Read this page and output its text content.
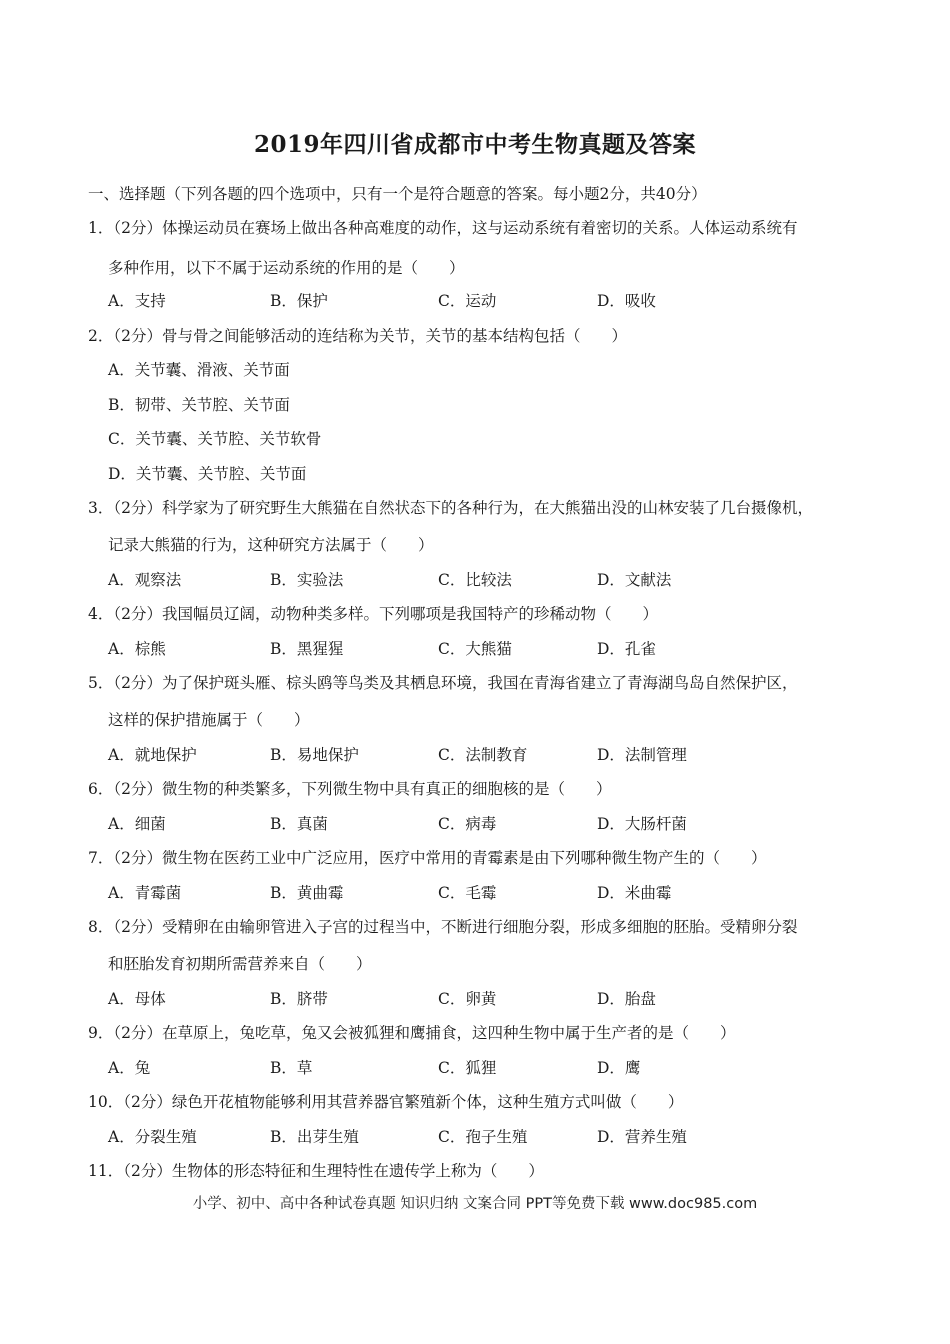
2019年四川省成都市中考生物真题及答案
一、选择题（下列各题的四个选项中，只有一个是符合题意的答案。每小题2分，共40分）
1．（2分）体操运动员在赛场上做出各种高难度的动作，这与运动系统有着密切的关系。人体运动系统有
多种作用，以下不属于运动系统的作用的是（　　）
A．支持	B．保护	C．运动	D．吸收
2．（2分）骨与骨之间能够活动的连结称为关节，关节的基本结构包括（　　）
A．关节囊、滑液、关节面
B．韧带、关节腔、关节面
C．关节囊、关节腔、关节软骨
D．关节囊、关节腔、关节面
3．（2分）科学家为了研究野生大熊猫在自然状态下的各种行为，在大熊猫出没的山林安装了几台摄像机，
记录大熊猫的行为，这种研究方法属于（　　）
A．观察法	B．实验法	C．比较法	D．文献法
4．（2分）我国幅员辽阔，动物种类多样。下列哪项是我国特产的珍稀动物（　　）
A．棕熊	B．黑猩猩	C．大熊猫	D．孔雀
5．（2分）为了保护斑头雁、棕头鸥等鸟类及其栖息环境，我国在青海省建立了青海湖鸟岛自然保护区，
这样的保护措施属于（　　）
A．就地保护	B．易地保护	C．法制教育	D．法制管理
6．（2分）微生物的种类繁多，下列微生物中具有真正的细胞核的是（　　）
A．细菌	B．真菌	C．病毒	D．大肠杆菌
7．（2分）微生物在医药工业中广泛应用，医疗中常用的青霉素是由下列哪种微生物产生的（　　）
A．青霉菌	B．黄曲霉	C．毛霉	D．米曲霉
8．（2分）受精卵在由输卵管进入子宫的过程当中，不断进行细胞分裂，形成多细胞的胚胎。受精卵分裂
和胚胎发育初期所需营养来自（　　）
A．母体	B．脐带	C．卵黄	D．胎盘
9．（2分）在草原上，兔吃草，兔又会被狐狸和鹰捕食，这四种生物中属于生产者的是（　　）
A．兔	B．草	C．狐狸	D．鹰
10．（2分）绿色开花植物能够利用其营养器官繁殖新个体，这种生殖方式叫做（　　）
A．分裂生殖	B．出芽生殖	C．孢子生殖	D．营养生殖
11．（2分）生物体的形态特征和生理特性在遗传学上称为（　　）
小学、初中、高中各种试卷真题 知识归纳 文案合同 PPT等免费下载 www.doc985.com
